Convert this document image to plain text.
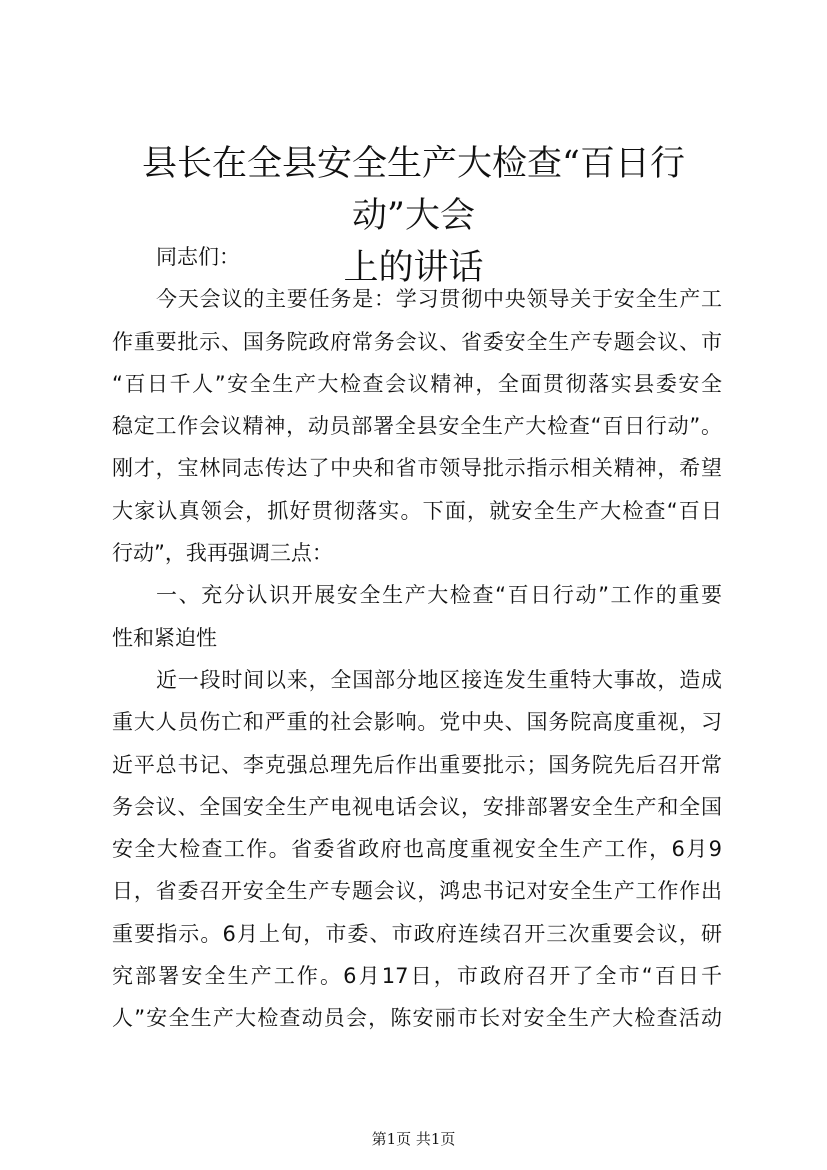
县长在全县安全生产大检查“百日行动”大会
上的讲话

同志们：

今天会议的主要任务是：学习贯彻中央领导关于安全生产工

作重要批示、国务院政府常务会议、省委安全生产专题会议、市

“百日千人”安全生产大检查会议精神，全面贯彻落实县委安全

稳定工作会议精神，动员部署全县安全生产大检查“百日行动”。

刚才，宝林同志传达了中央和省市领导批示指示相关精神，希望

大家认真领会，抓好贯彻落实。下面，就安全生产大检查“百日

行动”，我再强调三点：

一、充分认识开展安全生产大检查“百日行动”工作的重要

性和紧迫性

近一段时间以来，全国部分地区接连发生重特大事故，造成

重大人员伤亡和严重的社会影响。党中央、国务院高度重视，习

近平总书记、李克强总理先后作出重要批示；国务院先后召开常

务会议、全国安全生产电视电话会议，安排部署安全生产和全国

安全大检查工作。省委省政府也高度重视安全生产工作，6月9

日，省委召开安全生产专题会议，鸿忠书记对安全生产工作作出

重要指示。6月上旬，市委、市政府连续召开三次重要会议，研

究部署安全生产工作。6月17日，市政府召开了全市“百日千

人”安全生产大检查动员会，陈安丽市长对安全生产大检查活动

第1页 共1页
